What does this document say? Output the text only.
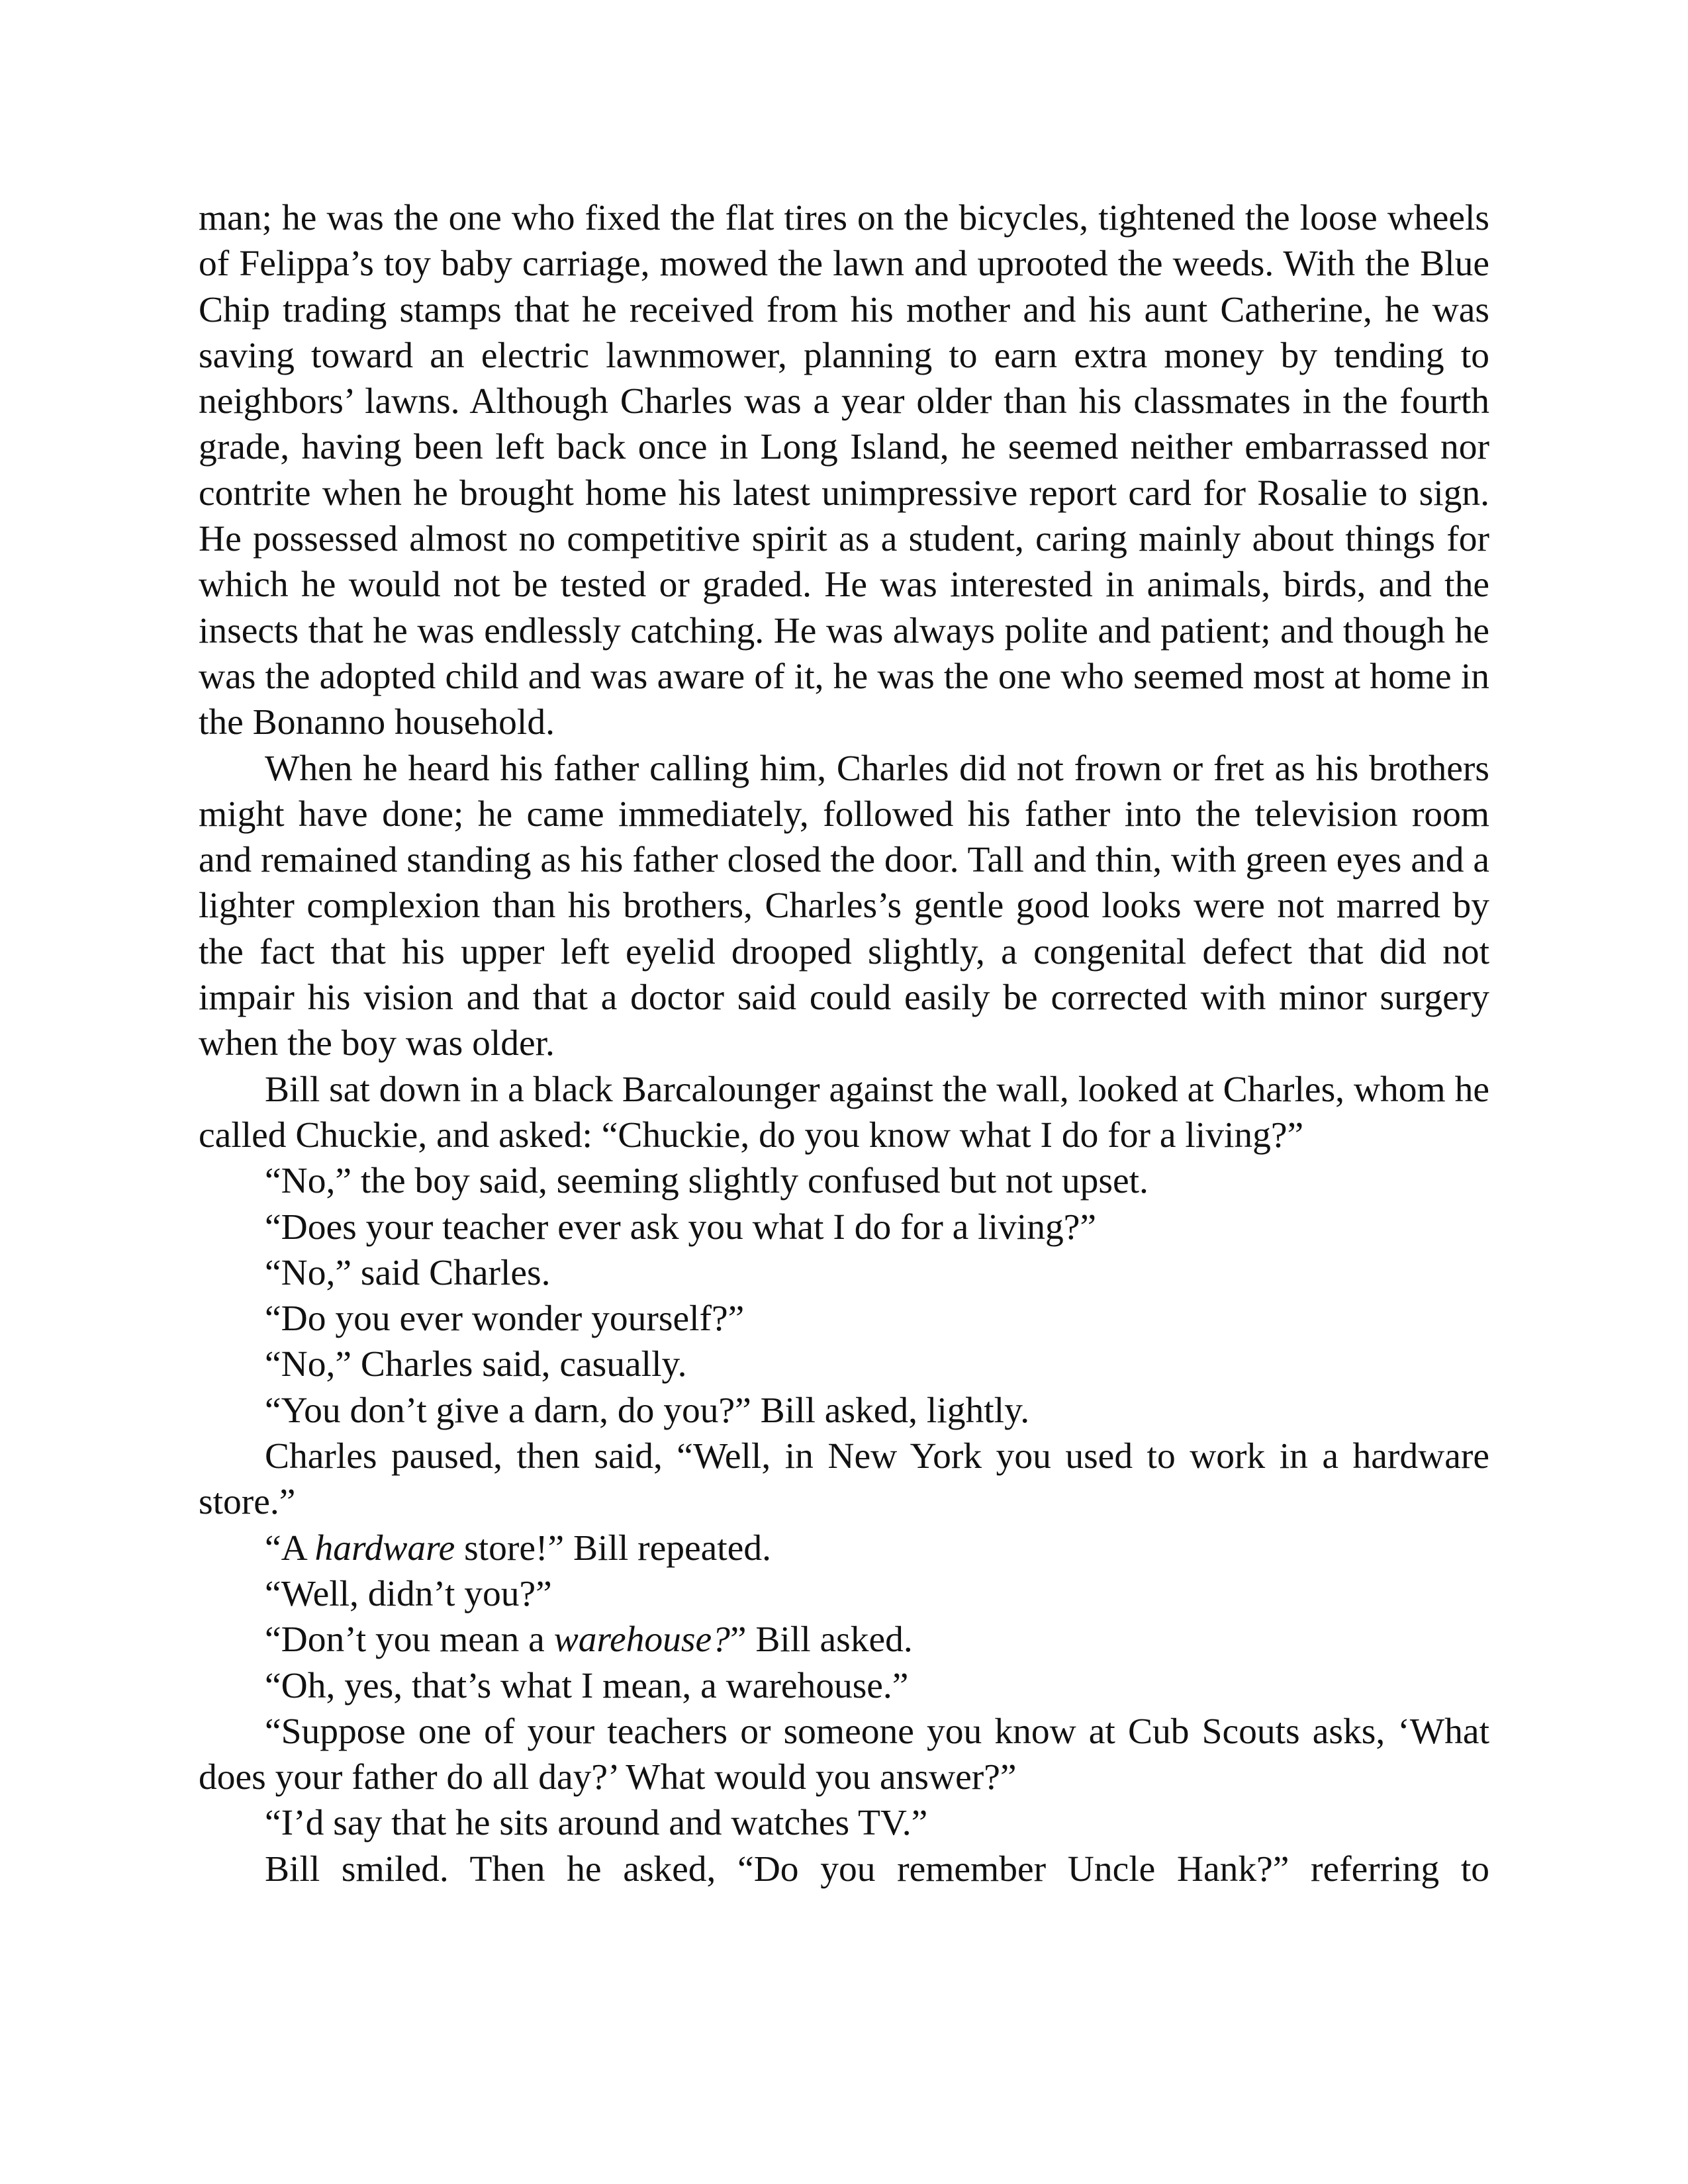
man; he was the one who fixed the flat tires on the bicycles, tightened the loose wheels of Felippa’s toy baby carriage, mowed the lawn and uprooted the weeds. With the Blue Chip trading stamps that he received from his mother and his aunt Catherine, he was saving toward an electric lawnmower, planning to earn extra money by tending to neighbors’ lawns. Although Charles was a year older than his classmates in the fourth grade, having been left back once in Long Island, he seemed neither embarrassed nor contrite when he brought home his latest unimpressive report card for Rosalie to sign. He possessed almost no competitive spirit as a student, caring mainly about things for which he would not be tested or graded. He was interested in animals, birds, and the insects that he was endlessly catching. He was always polite and patient; and though he was the adopted child and was aware of it, he was the one who seemed most at home in the Bonanno household.

When he heard his father calling him, Charles did not frown or fret as his brothers might have done; he came immediately, followed his father into the television room and remained standing as his father closed the door. Tall and thin, with green eyes and a lighter complexion than his brothers, Charles’s gentle good looks were not marred by the fact that his upper left eyelid drooped slightly, a congenital defect that did not impair his vision and that a doctor said could easily be corrected with minor surgery when the boy was older.

Bill sat down in a black Barcalounger against the wall, looked at Charles, whom he called Chuckie, and asked: “Chuckie, do you know what I do for a living?”

“No,” the boy said, seeming slightly confused but not upset.

“Does your teacher ever ask you what I do for a living?”

“No,” said Charles.

“Do you ever wonder yourself?”

“No,” Charles said, casually.

“You don’t give a darn, do you?” Bill asked, lightly.

Charles paused, then said, “Well, in New York you used to work in a hardware store.”

“A hardware store!” Bill repeated.

“Well, didn’t you?”

“Don’t you mean a warehouse?” Bill asked.

“Oh, yes, that’s what I mean, a warehouse.”

“Suppose one of your teachers or someone you know at Cub Scouts asks, ‘What does your father do all day?’ What would you answer?”

“I’d say that he sits around and watches TV.”

Bill smiled. Then he asked, “Do you remember Uncle Hank?” referring to
